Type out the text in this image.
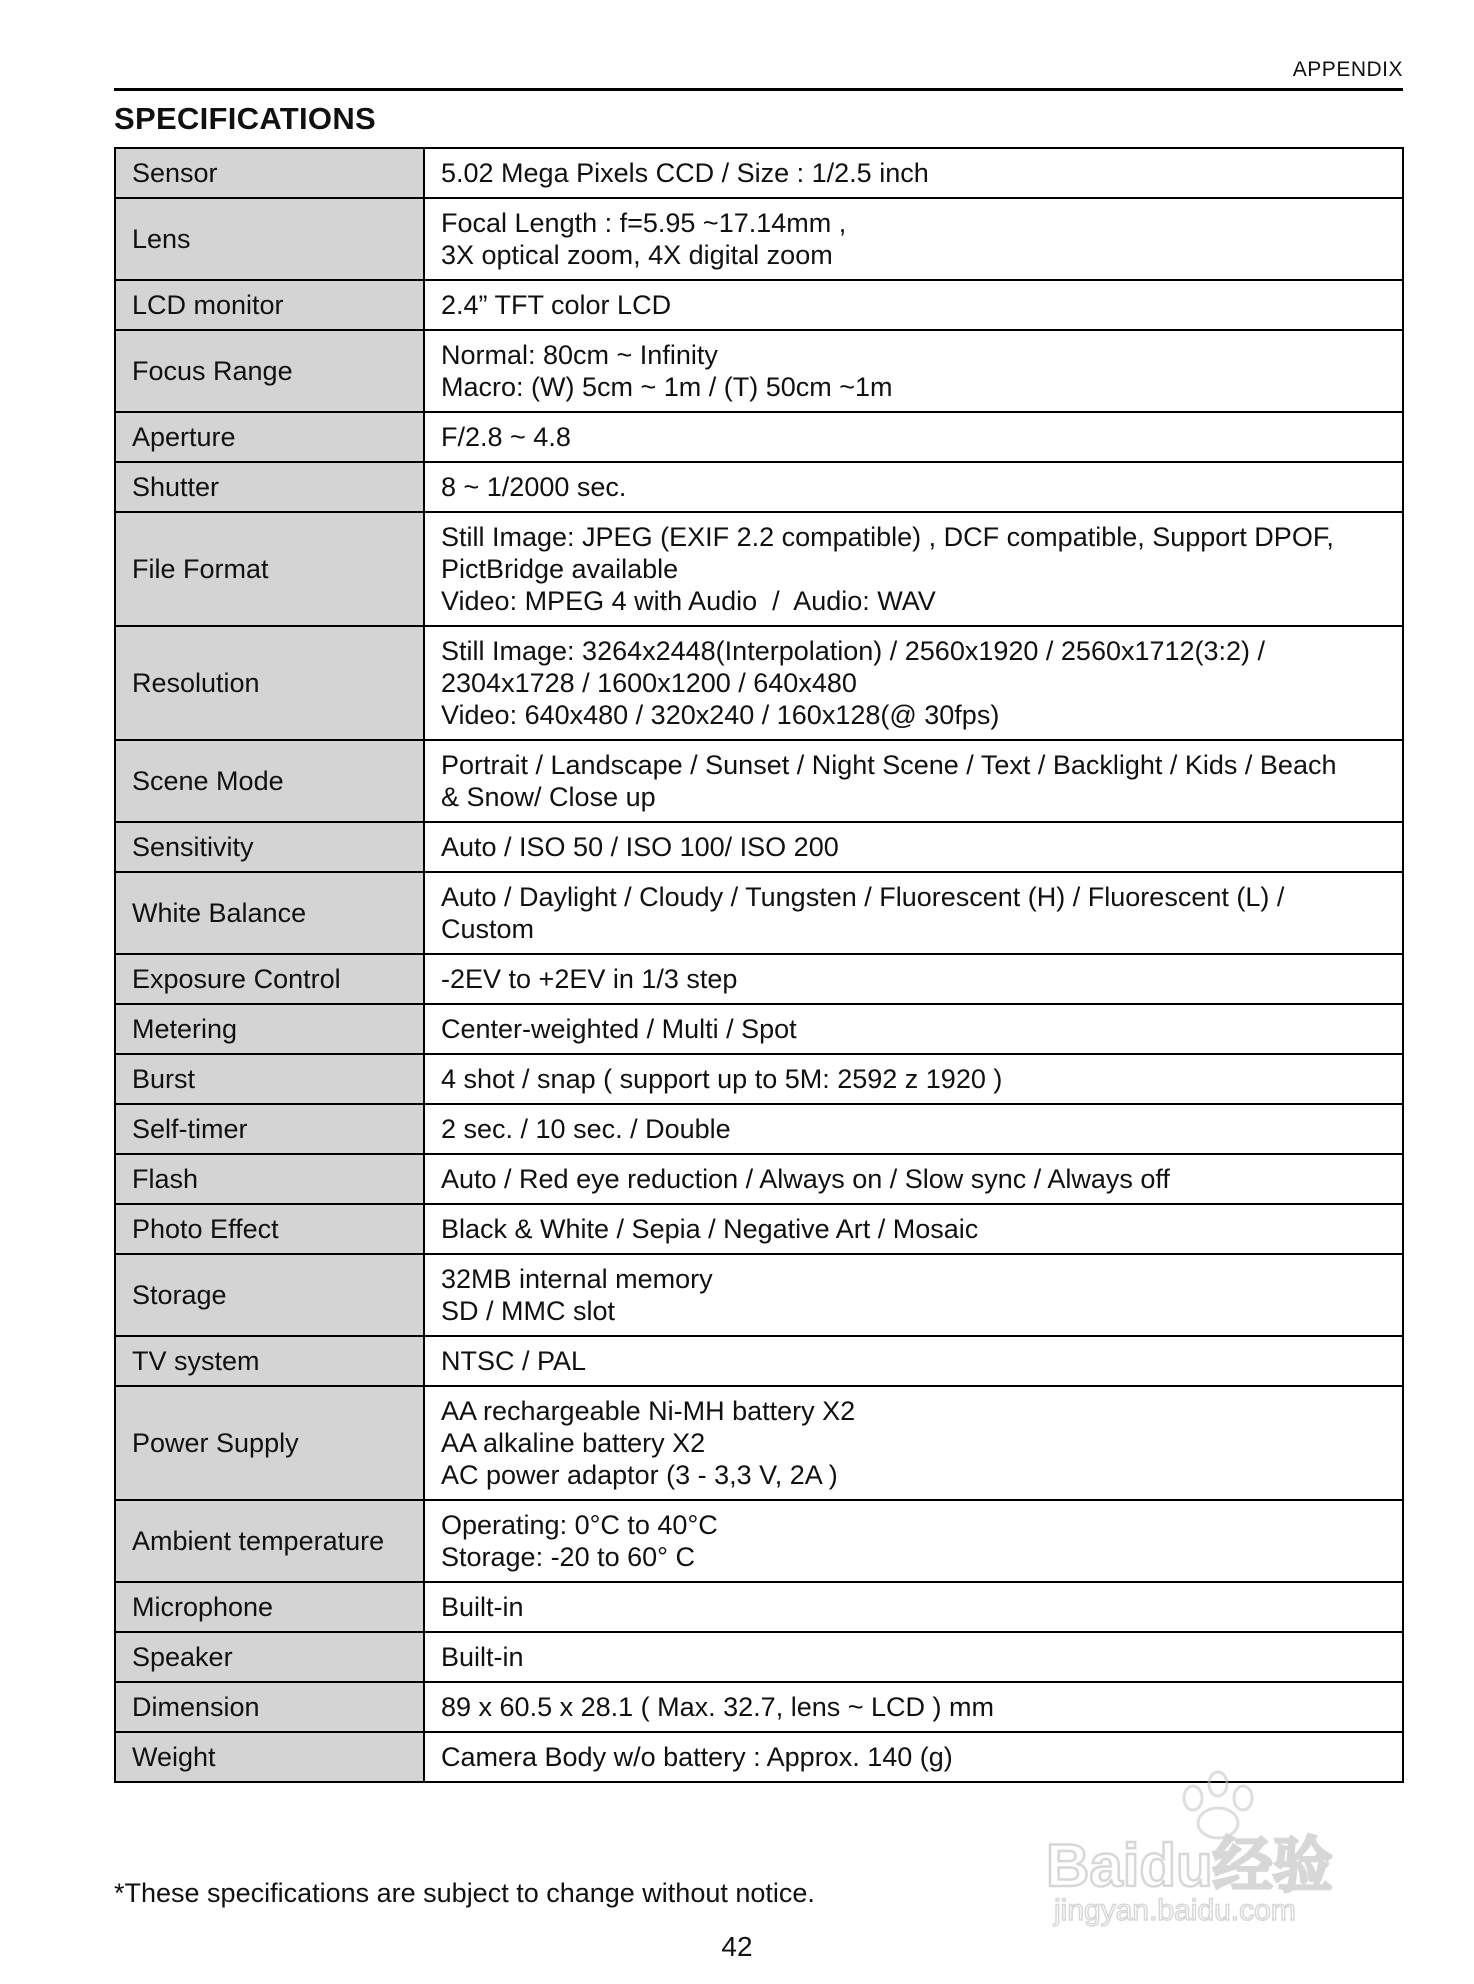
APPENDIX
SPECIFICATIONS
Sensor	5.02 Mega Pixels CCD / Size : 1/2.5 inch

Lens	Focal Length : f=5.95 ~17.14mm ,
3X optical zoom, 4X digital zoom

LCD monitor	2.4” TFT color LCD

Focus Range	Normal: 80cm ~ Infinity
Macro: (W) 5cm ~ 1m / (T) 50cm ~1m

Aperture	F/2.8 ~ 4.8

Shutter	8 ~ 1/2000 sec.

File Format	Still Image: JPEG (EXIF 2.2 compatible) , DCF compatible, Support DPOF,
PictBridge available
Video: MPEG 4 with Audio  /  Audio: WAV

Resolution	Still Image: 3264x2448(Interpolation) / 2560x1920 / 2560x1712(3:2) /
2304x1728 / 1600x1200 / 640x480
Video: 640x480 / 320x240 / 160x128(@ 30fps)

Scene Mode	Portrait / Landscape / Sunset / Night Scene / Text / Backlight / Kids / Beach
& Snow/ Close up

Sensitivity	Auto / ISO 50 / ISO 100/ ISO 200

White Balance	Auto / Daylight / Cloudy / Tungsten / Fluorescent (H) / Fluorescent (L) /
Custom

Exposure Control	-2EV to +2EV in 1/3 step

Metering	Center-weighted / Multi / Spot

Burst	4 shot / snap ( support up to 5M: 2592 z 1920 )

Self-timer	2 sec. / 10 sec. / Double

Flash	Auto / Red eye reduction / Always on / Slow sync / Always off

Photo Effect	Black & White / Sepia / Negative Art / Mosaic

Storage	32MB internal memory
SD / MMC slot

TV system	NTSC / PAL

Power Supply	AA rechargeable Ni-MH battery X2
AA alkaline battery X2
AC power adaptor (3 - 3,3 V, 2A )

Ambient temperature	Operating: 0°C to 40°C
Storage: -20 to 60° C

Microphone	Built-in

Speaker	Built-in

Dimension	89 x 60.5 x 28.1 ( Max. 32.7, lens ~ LCD ) mm

Weight	Camera Body w/o battery : Approx. 140 (g)
*These specifications are subject to change without notice.
42
Baidu经验
jingyan.baidu.com
